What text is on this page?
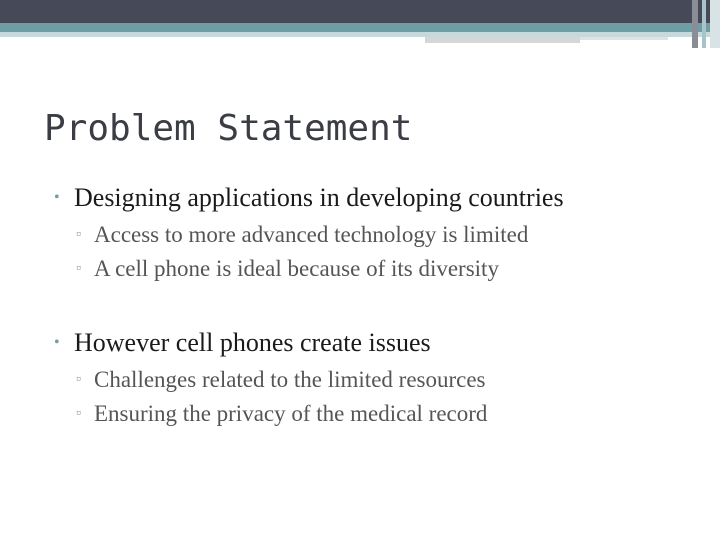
Problem Statement
• Designing applications in developing countries
▫ Access to more advanced technology is limited
▫ A cell phone is ideal because of its diversity
• However cell phones create issues
▫ Challenges related to the limited resources
▫ Ensuring the privacy of the medical record
